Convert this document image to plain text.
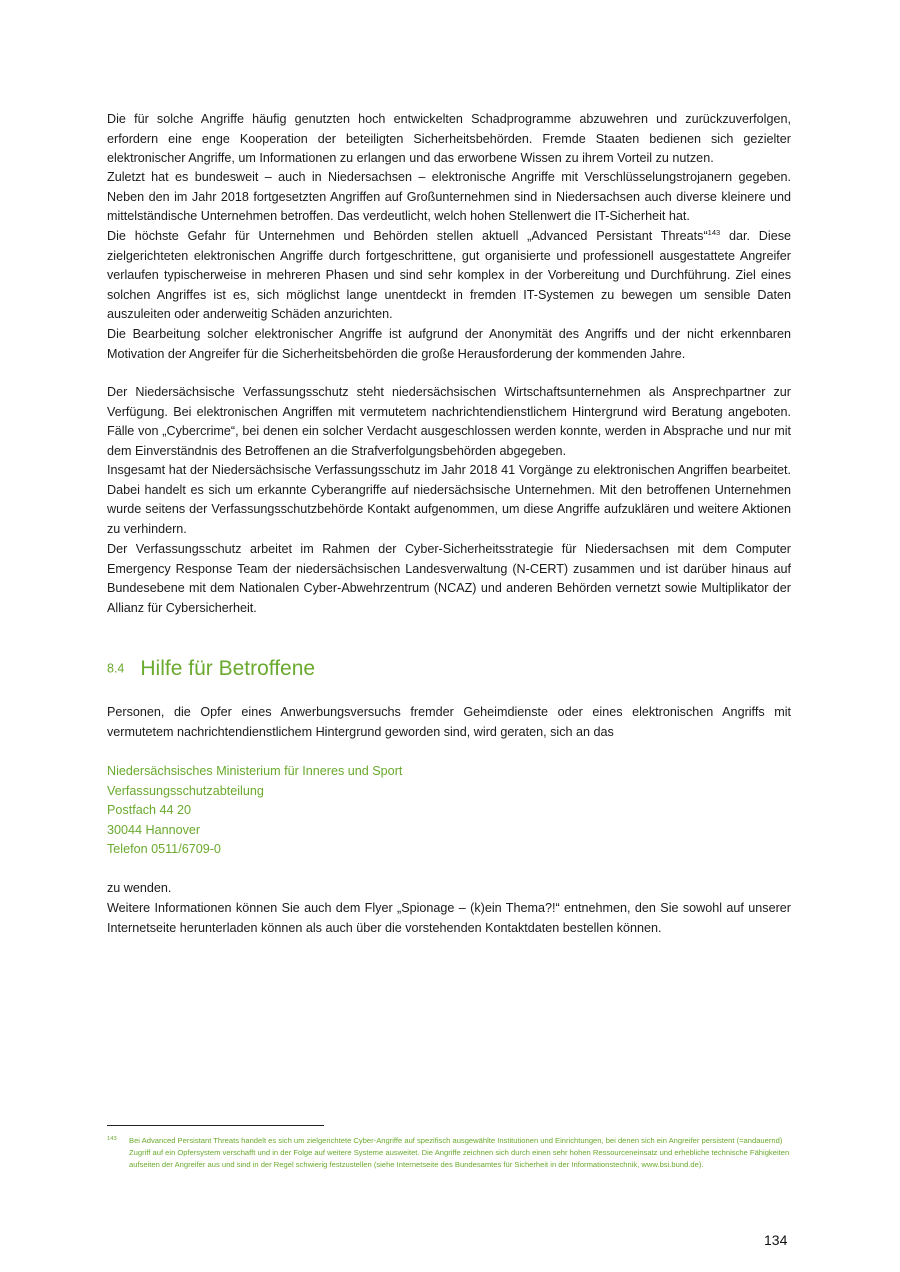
Die für solche Angriffe häufig genutzten hoch entwickelten Schadprogramme abzuwehren und zurückzuverfolgen, erfordern eine enge Kooperation der beteiligten Sicherheitsbehörden. Fremde Staaten bedienen sich gezielter elektronischer Angriffe, um Informationen zu erlangen und das erworbene Wissen zu ihrem Vorteil zu nutzen.

Zuletzt hat es bundesweit – auch in Niedersachsen – elektronische Angriffe mit Verschlüsselungstrojanern gegeben. Neben den im Jahr 2018 fortgesetzten Angriffen auf Großunternehmen sind in Niedersachsen auch diverse kleinere und mittelständische Unternehmen betroffen. Das verdeutlicht, welch hohen Stellenwert die IT-Sicherheit hat.

Die höchste Gefahr für Unternehmen und Behörden stellen aktuell „Advanced Persistant Threats“$^{143}$ dar. Diese zielgerichteten elektronischen Angriffe durch fortgeschrittene, gut organisierte und professionell ausgestattete Angreifer verlaufen typischerweise in mehreren Phasen und sind sehr komplex in der Vorbereitung und Durchführung. Ziel eines solchen Angriffes ist es, sich möglichst lange unentdeckt in fremden IT-Systemen zu bewegen um sensible Daten auszuleiten oder anderweitig Schäden anzurichten.

Die Bearbeitung solcher elektronischer Angriffe ist aufgrund der Anonymität des Angriffs und der nicht erkennbaren Motivation der Angreifer für die Sicherheitsbehörden die große Herausforderung der kommenden Jahre.

Der Niedersächsische Verfassungsschutz steht niedersächsischen Wirtschaftsunternehmen als Ansprechpartner zur Verfügung. Bei elektronischen Angriffen mit vermutetem nachrichtendienstlichem Hintergrund wird Beratung angeboten. Fälle von „Cybercrime“, bei denen ein solcher Verdacht ausgeschlossen werden konnte, werden in Absprache und nur mit dem Einverständnis des Betroffenen an die Strafverfolgungsbehörden abgegeben.

Insgesamt hat der Niedersächsische Verfassungsschutz im Jahr 2018 41 Vorgänge zu elektronischen Angriffen bearbeitet. Dabei handelt es sich um erkannte Cyberangriffe auf niedersächsische Unternehmen. Mit den betroffenen Unternehmen wurde seitens der Verfassungsschutzbehörde Kontakt aufgenommen, um diese Angriffe aufzuklären und weitere Aktionen zu verhindern.

Der Verfassungsschutz arbeitet im Rahmen der Cyber-Sicherheitsstrategie für Niedersachsen mit dem Computer Emergency Response Team der niedersächsischen Landesverwaltung (N-CERT) zusammen und ist darüber hinaus auf Bundesebene mit dem Nationalen Cyber-Abwehrzentrum (NCAZ) und anderen Behörden vernetzt sowie Multiplikator der Allianz für Cybersicherheit.

8.4 Hilfe für Betroffene

Personen, die Opfer eines Anwerbungsversuchs fremder Geheimdienste oder eines elektronischen Angriffs mit vermutetem nachrichtendienstlichem Hintergrund geworden sind, wird geraten, sich an das

Niedersächsisches Ministerium für Inneres und Sport
Verfassungsschutzabteilung
Postfach 44 20
30044 Hannover
Telefon 0511/6709-0

zu wenden.

Weitere Informationen können Sie auch dem Flyer „Spionage – (k)ein Thema?!“ entnehmen, den Sie sowohl auf unserer Internetseite herunterladen können als auch über die vorstehenden Kontaktdaten bestellen können.

143 Bei Advanced Persistant Threats handelt es sich um zielgerichtete Cyber-Angriffe auf spezifisch ausgewählte Institutionen und Einrichtungen, bei denen sich ein Angreifer persistent (=andauernd) Zugriff auf ein Opfersystem verschafft und in der Folge auf weitere Systeme ausweitet. Die Angriffe zeichnen sich durch einen sehr hohen Ressourceneinsatz und erhebliche technische Fähigkeiten aufseiten der Angreifer aus und sind in der Regel schwierig festzustellen (siehe Internetseite des Bundesamtes für Sicherheit in der Informationstechnik, www.bsi.bund.de).
134
